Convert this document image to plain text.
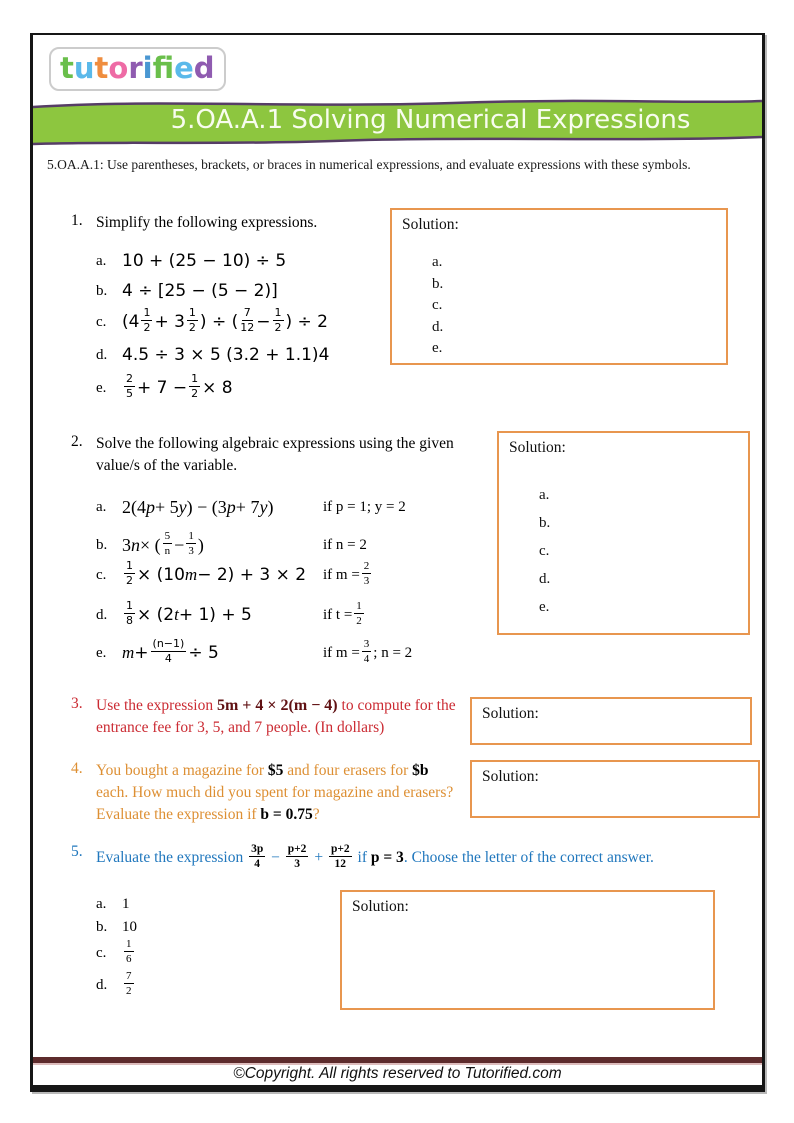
tutorifed
5.OA.A.1 Solving Numerical Expressions
5.OA.A.1: Use parentheses, brackets, or braces in numerical expressions, and evaluate expressions with these symbols.
1. Simplify the following expressions.
a. 10 + (25 − 10) ÷ 5
b. 4 ÷ [25 − (5 − 2)]
c. ($4 \frac{1}{2} + 3 \frac{1}{2}$ ) ÷ ( $\frac{7}{12} - \frac{1}{2}$ ) ÷ 2
d. 4.5 ÷ 3 × 5 (3.2 + 1.1)4
e.	$\frac{2}{5} + 7 - \frac{1}{2} \times 8$
Solution:
a.
b.
c.
d.
e.
2. Solve the following algebraic expressions using the given value/s of the variable.
a. 2(4 p + 5 y ) − (3 p + 7 y )	if p = 1; y = 2
b. 3 n × ( $\frac{5}{n} - \frac{1}{3}$ )	if n = 2
c.	$\frac{1}{2} \times (10$ m − 2) + 3 × 2 if $m = \frac{2}{3}$
d.	$\frac{1}{8} \times (2$ t + 1) + 5	if $t = \frac{1}{2}$
e. $m + \frac{(n-1)}{4} \div 5$	if $m = \frac{3}{4}$ ; n = 2
Solution:
a.
b.
c.
d.
e.
3. Use the expression 5m + 4 × 2(m − 4) to compute for the entrance fee for 3, 5, and 7 people. (In dollars)
Solution:
4. You bought a magazine for $5 and four erasers for $b each. How much did you spent for magazine and erasers? Evaluate the expression if b = 0.75?
Solution:
5. Evaluate the expression $\frac{3p}{4} - \frac{p+2}{3} + \frac{p+2}{12}$ if p = 3. Choose the letter of the correct answer.
a.	1
b. 10
c.	$\frac{1}{6}$
d.	$\frac{7}{2}$
Solution:
©Copyright. All rights reserved to Tutorified.com
